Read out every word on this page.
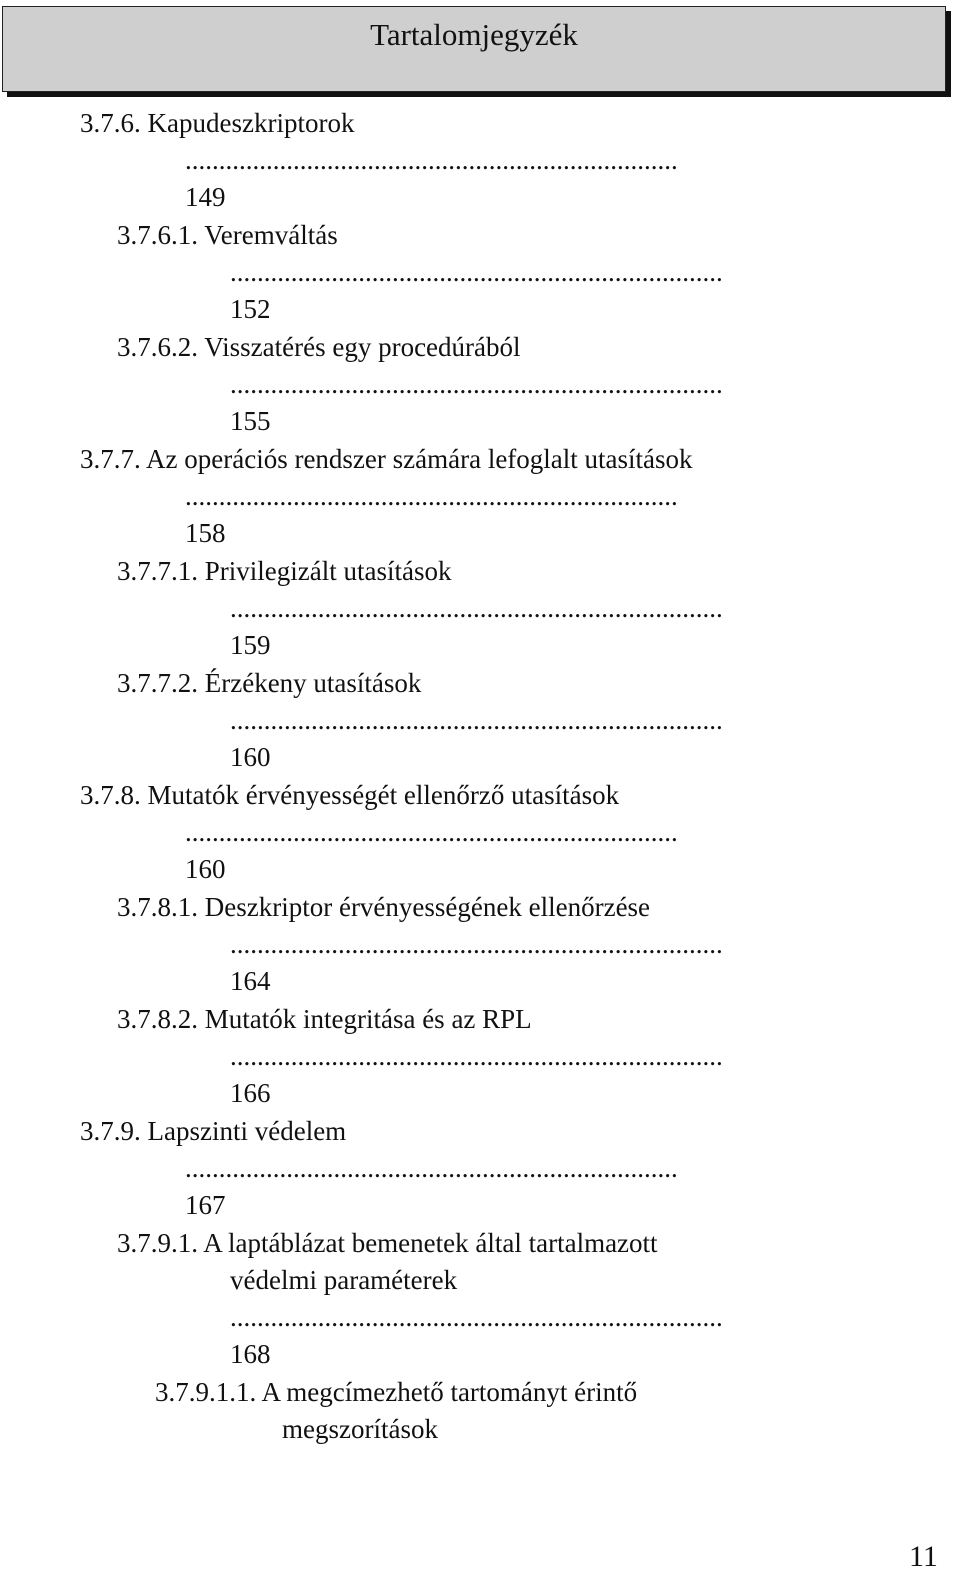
Tartalomjegyzék
3.7.6. Kapudeszkriptorok
.........................................................................
149
3.7.6.1. Veremváltás
.........................................................................
152
3.7.6.2. Visszatérés egy procedúrából
.........................................................................
155
3.7.7. Az operációs rendszer számára lefoglalt utasítások
.........................................................................
158
3.7.7.1. Privilegizált utasítások
.........................................................................
159
3.7.7.2. Érzékeny utasítások
.........................................................................
160
3.7.8. Mutatók érvényességét ellenőrző utasítások
.........................................................................
160
3.7.8.1. Deszkriptor érvényességének ellenőrzése
.........................................................................
164
3.7.8.2. Mutatók integritása és az RPL
.........................................................................
166
3.7.9. Lapszinti védelem
.........................................................................
167
3.7.9.1. A laptáblázat bemenetek által tartalmazott
védelmi paraméterek
.........................................................................
168
3.7.9.1.1. A megcímezhető tartományt érintő
megszorítások
11
